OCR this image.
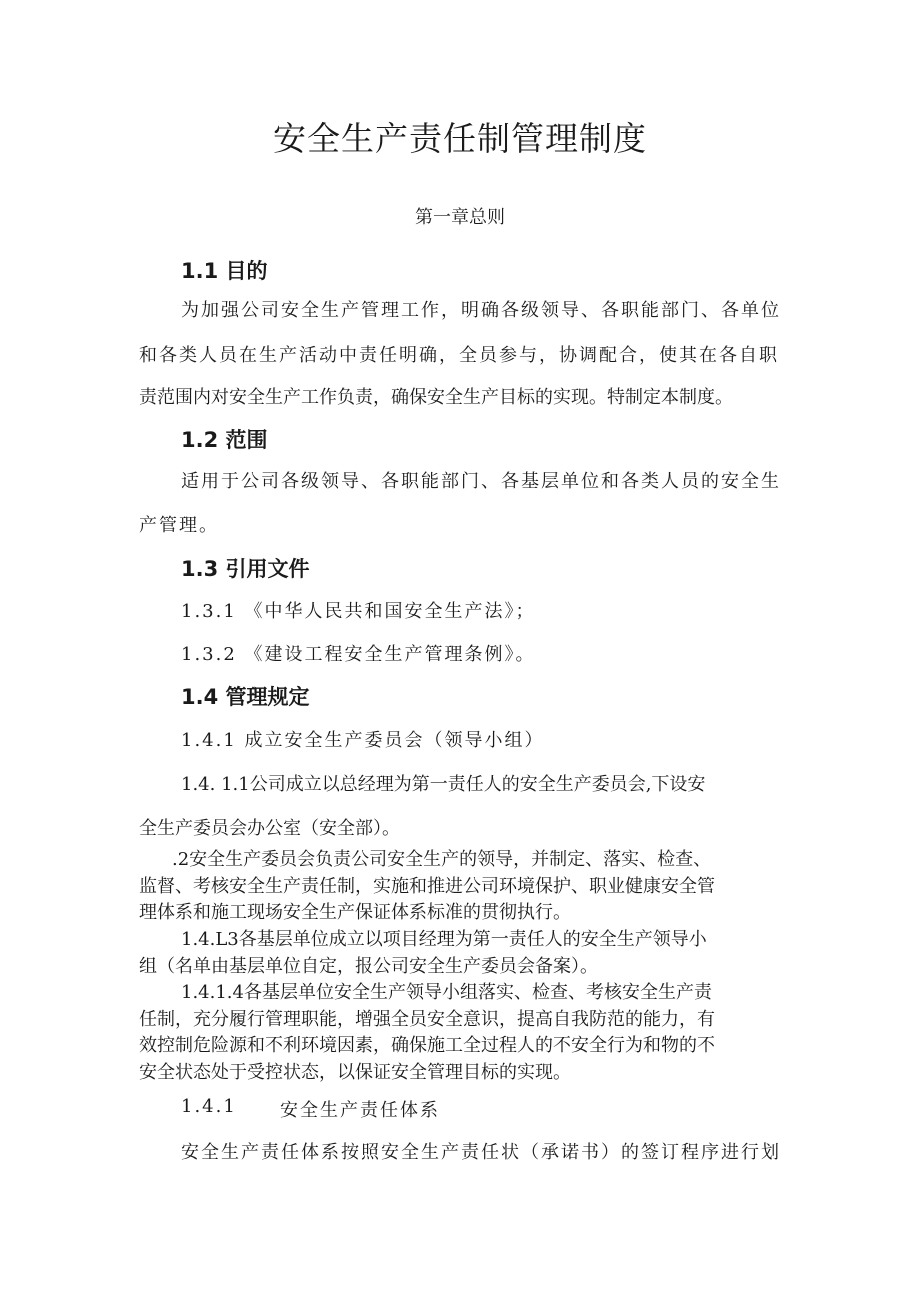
安全生产责任制管理制度
第一章总则
1.1 目的
为加强公司安全生产管理工作，明确各级领导、各职能部门、各单位
和各类人员在生产活动中责任明确，全员参与，协调配合，使其在各自职
责范围内对安全生产工作负责，确保安全生产目标的实现。特制定本制度。
1.2 范围
适用于公司各级领导、各职能部门、各基层单位和各类人员的安全生
产管理。
1.3 引用文件
1.3.1 《中华人民共和国安全生产法》；
1.3.2 《建设工程安全生产管理条例》。
1.4 管理规定
1.4.1 成立安全生产委员会（领导小组）
1.4. 1.1公司成立以总经理为第一责任人的安全生产委员会,下设安
全生产委员会办公室（安全部）。
.2安全生产委员会负责公司安全生产的领导，并制定、落实、检查、
监督、考核安全生产责任制，实施和推进公司环境保护、职业健康安全管
理体系和施工现场安全生产保证体系标准的贯彻执行。
1.4.L3各基层单位成立以项目经理为第一责任人的安全生产领导小
组（名单由基层单位自定，报公司安全生产委员会备案）。
1.4.1.4各基层单位安全生产领导小组落实、检查、考核安全生产责
任制，充分履行管理职能，增强全员安全意识，提高自我防范的能力，有
效控制危险源和不利环境因素，确保施工全过程人的不安全行为和物的不
安全状态处于受控状态，以保证安全管理目标的实现。
1.4.1 安全生产责任体系
安全生产责任体系按照安全生产责任状（承诺书）的签订程序进行划
